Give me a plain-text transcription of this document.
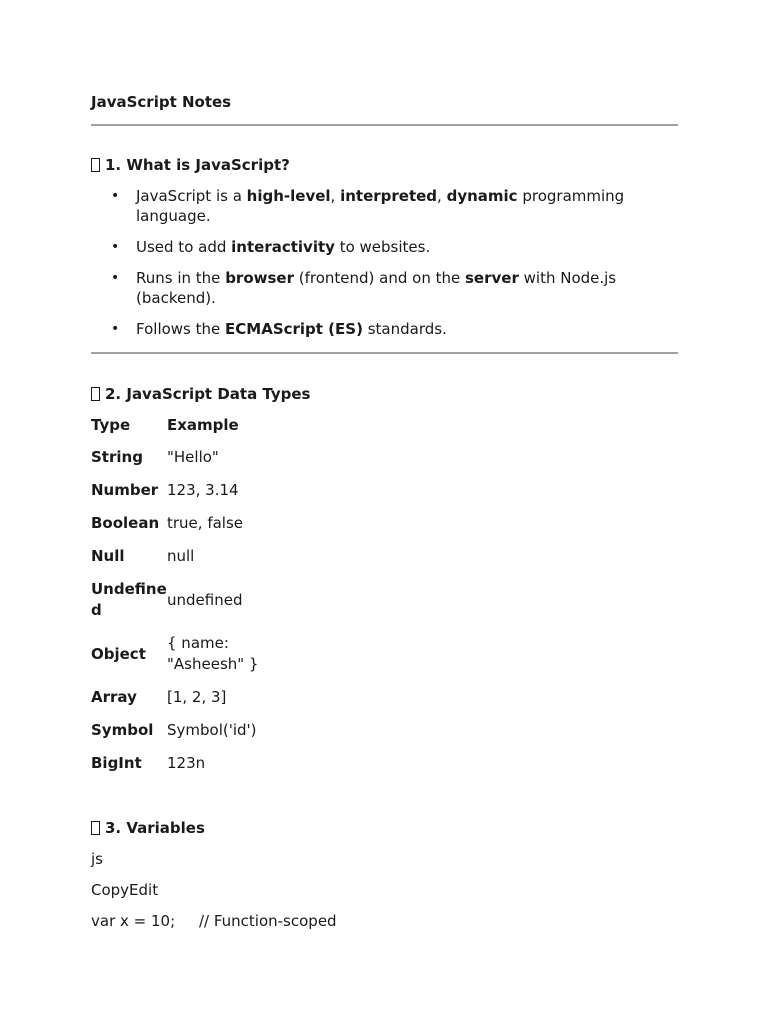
JavaScript Notes
1. What is JavaScript?
• JavaScript is a high-level, interpreted, dynamic programming language.
• Used to add interactivity to websites.
• Runs in the browser (frontend) and on the server with Node.js (backend).
• Follows the ECMAScript (ES) standards.
2. JavaScript Data Types
Type	Example
String	"Hello"
Number	123, 3.14
Boolean	true, false
Null	null
Undefined	undefined
Object	{ name: "Asheesh" }
Array	[1, 2, 3]
Symbol	Symbol('id')
BigInt	123n
3. Variables

js

CopyEdit

var x = 10;     // Function-scoped
